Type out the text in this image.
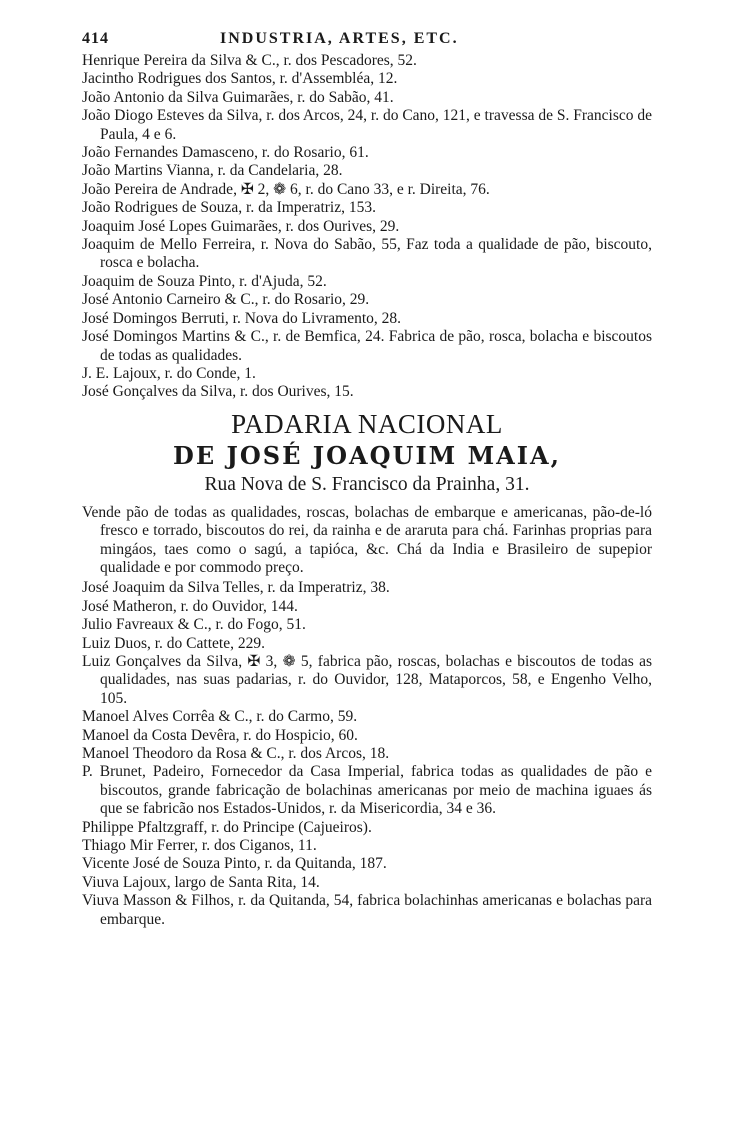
414	INDUSTRIA, ARTES, ETC.
Henrique Pereira da Silva & C., r. dos Pescadores, 52.
Jacintho Rodrigues dos Santos, r. d'Assembléa, 12.
João Antonio da Silva Guimarães, r. do Sabão, 41.
João Diogo Esteves da Silva, r. dos Arcos, 24, r. do Cano, 121, e travessa de S. Francisco de Paula, 4 e 6.
João Fernandes Damasceno, r. do Rosario, 61.
João Martins Vianna, r. da Candelaria, 28.
João Pereira de Andrade, ✠ 2, ❁ 6, r. do Cano 33, e r. Direita, 76.
João Rodrigues de Souza, r. da Imperatriz, 153.
Joaquim José Lopes Guimarães, r. dos Ourives, 29.
Joaquim de Mello Ferreira, r. Nova do Sabão, 55, Faz toda a qualidade de pão, biscouto, rosca e bolacha.
Joaquim de Souza Pinto, r. d'Ajuda, 52.
José Antonio Carneiro & C., r. do Rosario, 29.
José Domingos Berruti, r. Nova do Livramento, 28.
José Domingos Martins & C., r. de Bemfica, 24. Fabrica de pão, rosca, bolacha e biscoutos de todas as qualidades.
J. E. Lajoux, r. do Conde, 1.
José Gonçalves da Silva, r. dos Ourives, 15.
PADARIA NACIONAL
DE JOSÉ JOAQUIM MAIA,
Rua Nova de S. Francisco da Prainha, 31.
Vende pão de todas as qualidades, roscas, bolachas de embarque e americanas, pão-de-ló fresco e torrado, biscoutos do rei, da rainha e de araruta para chá. Farinhas proprias para mingáos, taes como o sagú, a tapióca, &c. Chá da India e Brasileiro de supepior qualidade e por commodo preço.
José Joaquim da Silva Telles, r. da Imperatriz, 38.
José Matheron, r. do Ouvidor, 144.
Julio Favreaux & C., r. do Fogo, 51.
Luiz Duos, r. do Cattete, 229.
Luiz Gonçalves da Silva, ✠ 3, ❁ 5, fabrica pão, roscas, bolachas e biscoutos de todas as qualidades, nas suas padarias, r. do Ouvidor, 128, Mataporcos, 58, e Engenho Velho, 105.
Manoel Alves Corrêa & C., r. do Carmo, 59.
Manoel da Costa Devêra, r. do Hospicio, 60.
Manoel Theodoro da Rosa & C., r. dos Arcos, 18.
P. Brunet, Padeiro, Fornecedor da Casa Imperial, fabrica todas as qualidades de pão e biscoutos, grande fabricação de bolachinas americanas por meio de machina iguaes ás que se fabricão nos Estados-Unidos, r. da Misericordia, 34 e 36.
Philippe Pfaltzgraff, r. do Principe (Cajueiros).
Thiago Mir Ferrer, r. dos Ciganos, 11.
Vicente José de Souza Pinto, r. da Quitanda, 187.
Viuva Lajoux, largo de Santa Rita, 14.
Viuva Masson & Filhos, r. da Quitanda, 54, fabrica bolachinhas americanas e bolachas para embarque.
